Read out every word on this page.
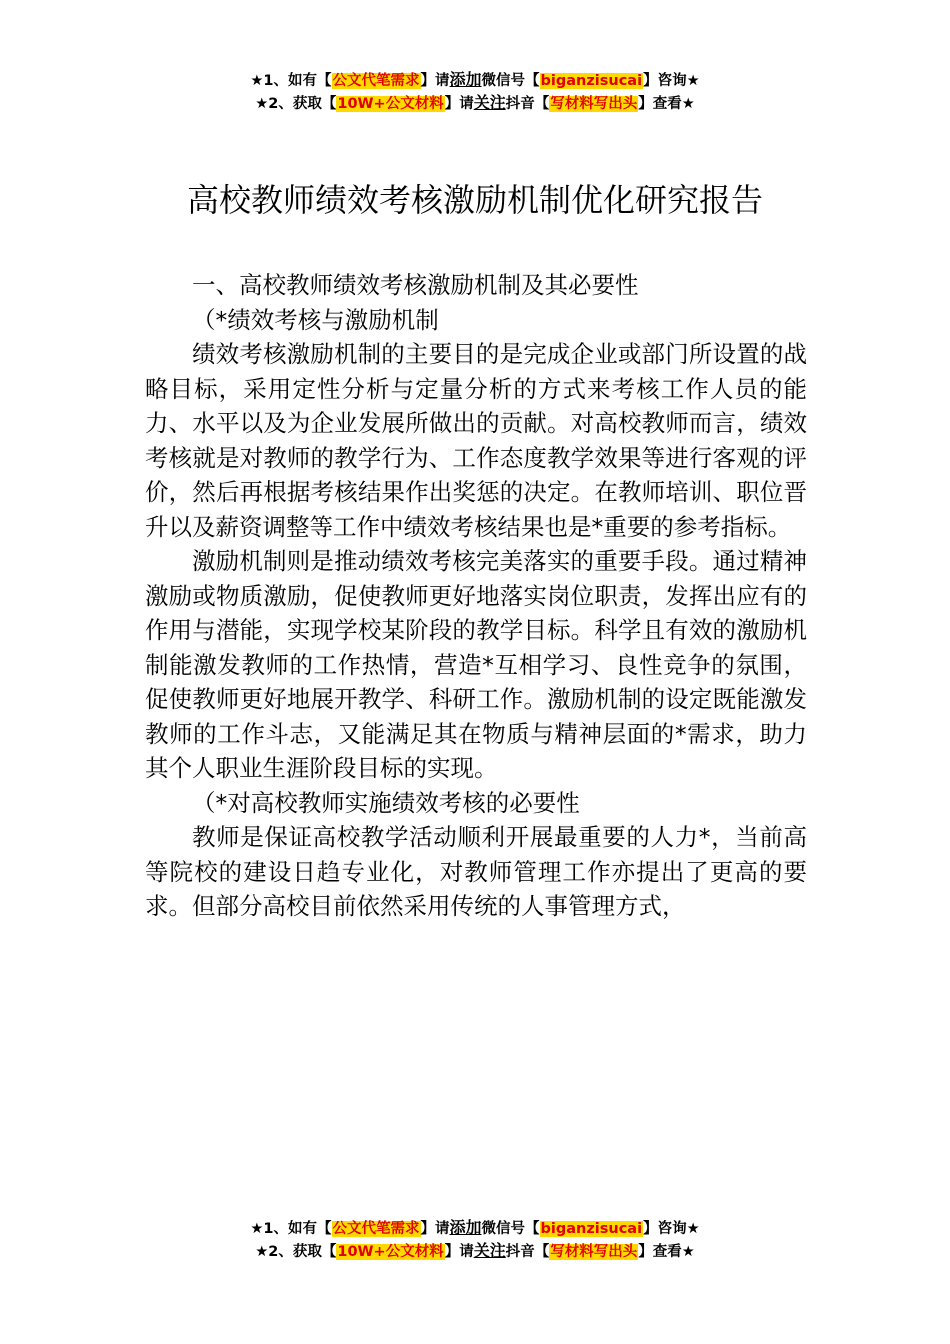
★1、如有【公文代笔需求】请添加微信号【biganzisucai】咨询★
★2、获取【10W+公文材料】请关注抖音【写材料写出头】查看★
高校教师绩效考核激励机制优化研究报告

一、高校教师绩效考核激励机制及其必要性

（*绩效考核与激励机制

绩效考核激励机制的主要目的是完成企业或部门所设置的战略目标，采用定性分析与定量分析的方式来考核工作人员的能力、水平以及为企业发展所做出的贡献。对高校教师而言，绩效考核就是对教师的教学行为、工作态度教学效果等进行客观的评价，然后再根据考核结果作出奖惩的决定。在教师培训、职位晋升以及薪资调整等工作中绩效考核结果也是*重要的参考指标。

激励机制则是推动绩效考核完美落实的重要手段。通过精神激励或物质激励，促使教师更好地落实岗位职责，发挥出应有的作用与潜能，实现学校某阶段的教学目标。科学且有效的激励机制能激发教师的工作热情，营造*互相学习、良性竞争的氛围，促使教师更好地展开教学、科研工作。激励机制的设定既能激发教师的工作斗志，又能满足其在物质与精神层面的*需求，助力其个人职业生涯阶段目标的实现。

（*对高校教师实施绩效考核的必要性

教师是保证高校教学活动顺利开展最重要的人力*，当前高等院校的建设日趋专业化，对教师管理工作亦提出了更高的要求。但部分高校目前依然采用传统的人事管理方式，

★1、如有【公文代笔需求】请添加微信号【biganzisucai】咨询★
★2、获取【10W+公文材料】请关注抖音【写材料写出头】查看★
